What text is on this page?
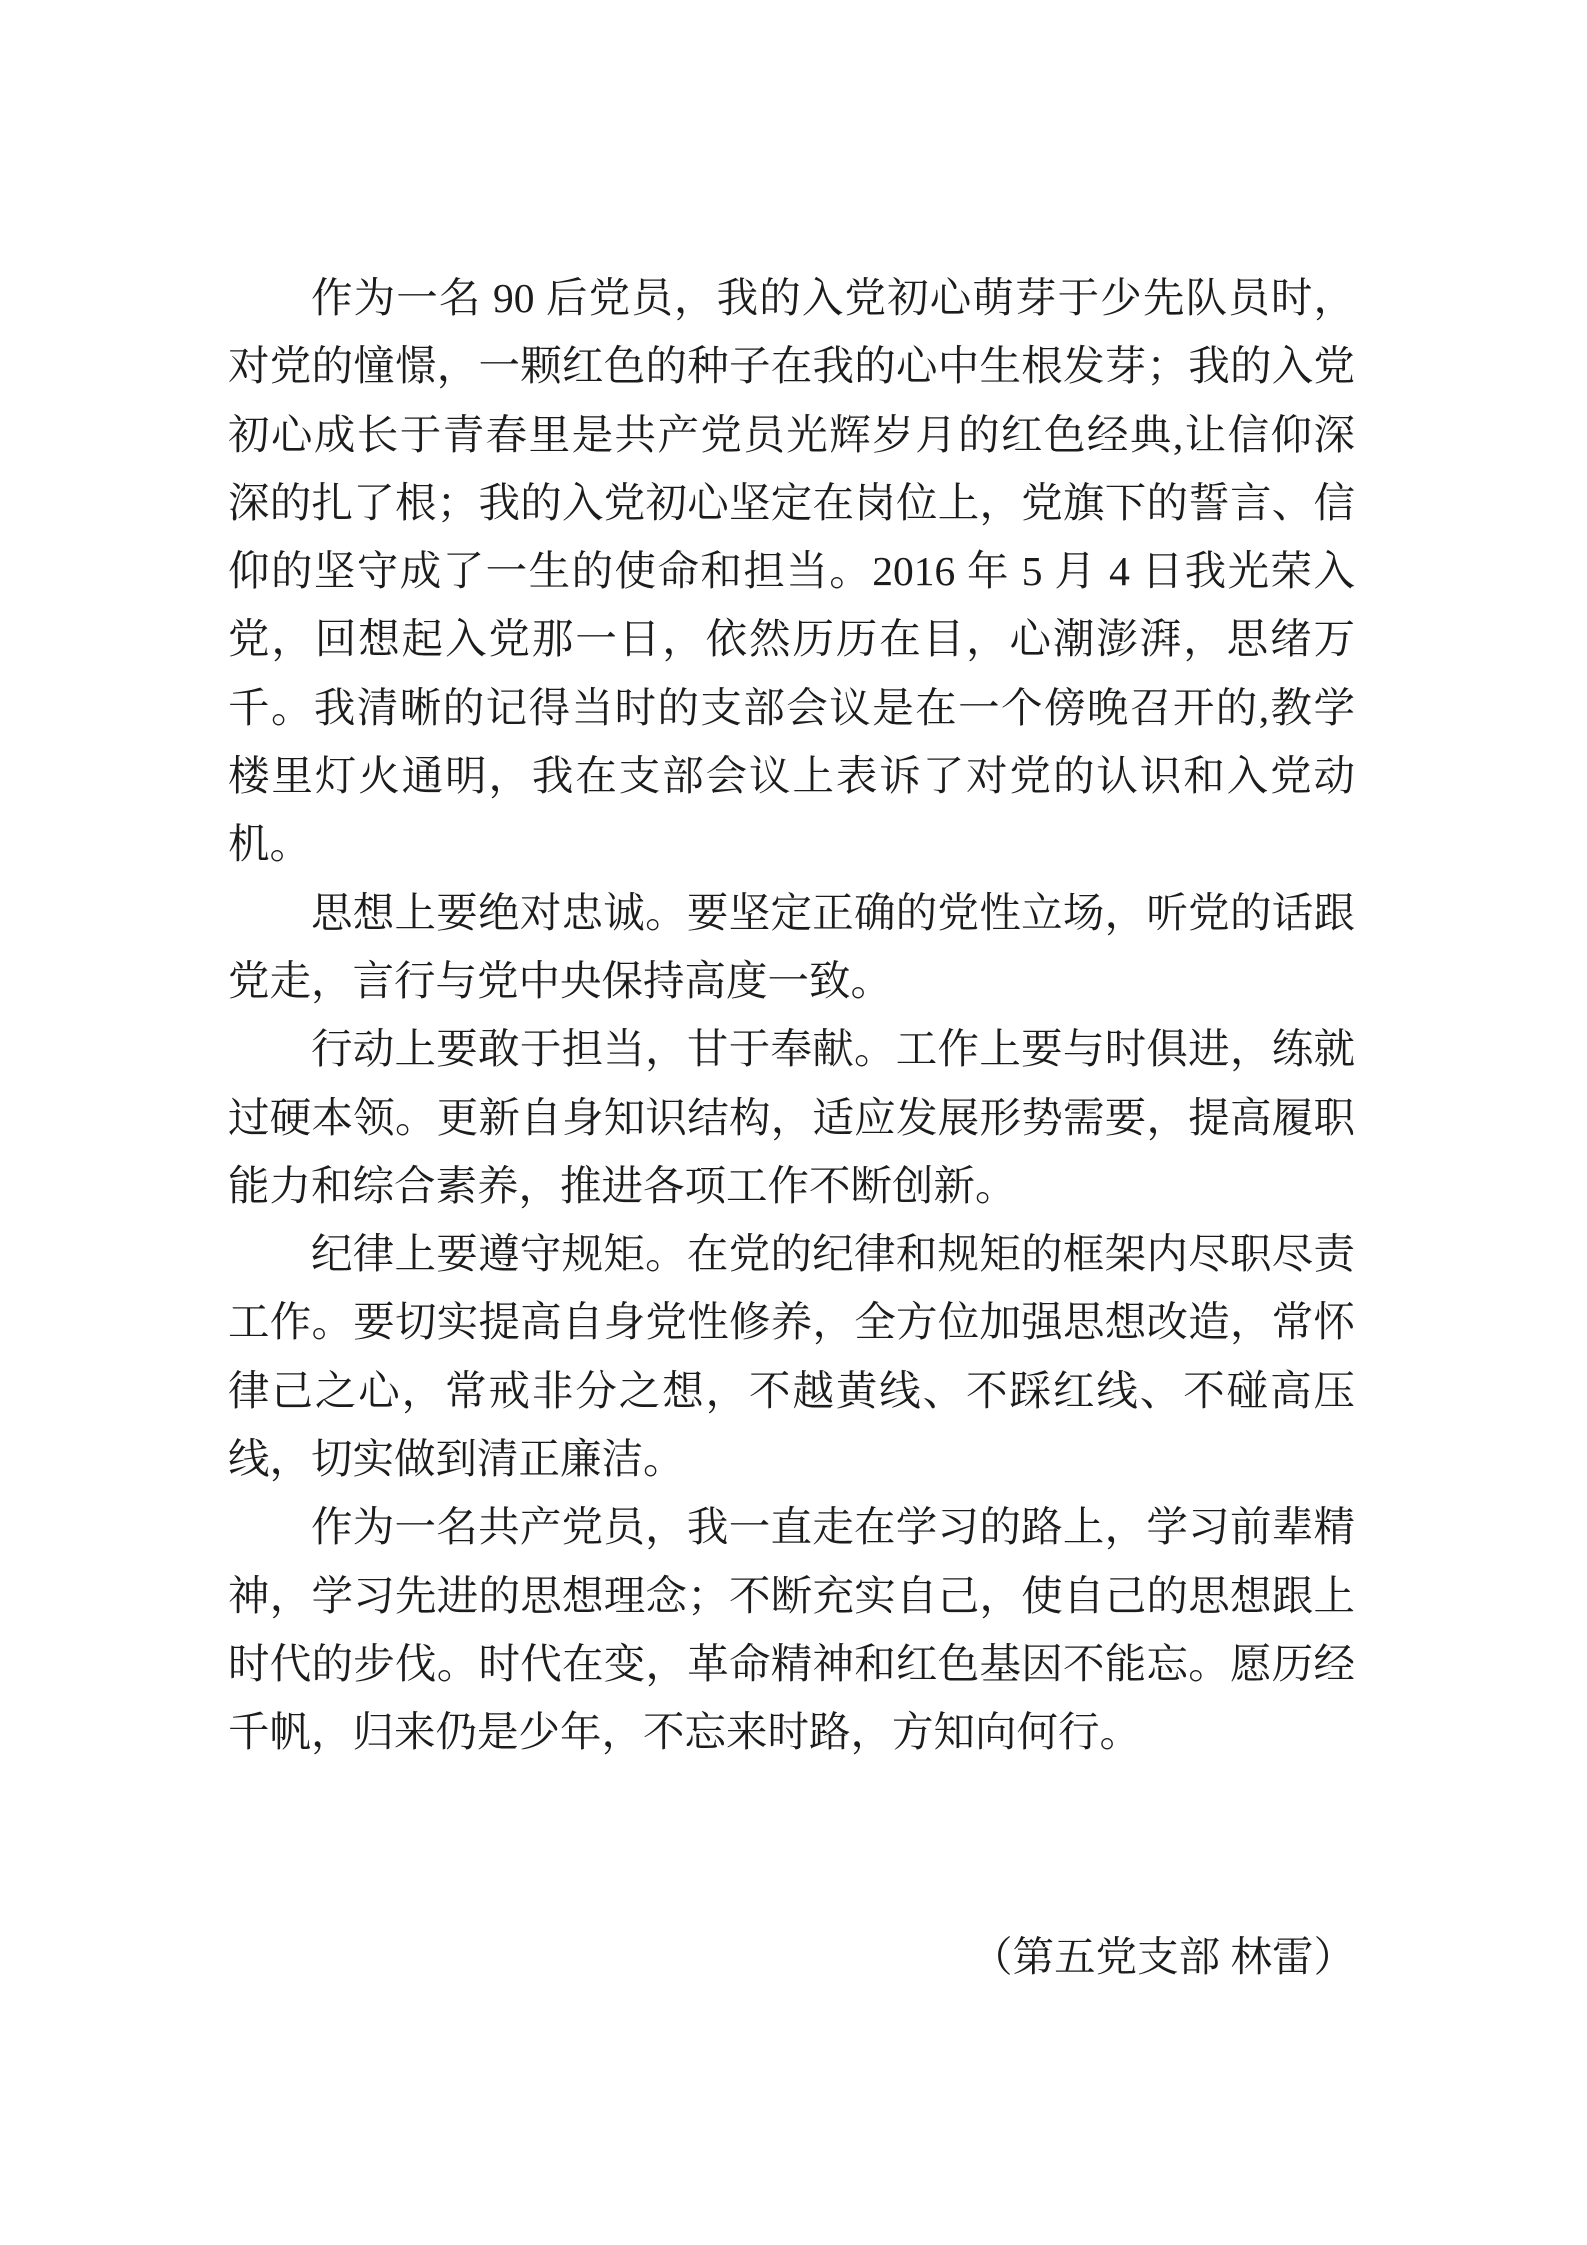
作为一名 90 后党员，我的入党初心萌芽于少先队员时，对党的憧憬，一颗红色的种子在我的心中生根发芽；我的入党初心成长于青春里是共产党员光辉岁月的红色经典,让信仰深深的扎了根；我的入党初心坚定在岗位上，党旗下的誓言、信仰的坚守成了一生的使命和担当。2016 年 5 月 4 日我光荣入党，回想起入党那一日，依然历历在目，心潮澎湃，思绪万千。我清晰的记得当时的支部会议是在一个傍晚召开的,教学楼里灯火通明，我在支部会议上表诉了对党的认识和入党动机。

思想上要绝对忠诚。要坚定正确的党性立场，听党的话跟党走，言行与党中央保持高度一致。

行动上要敢于担当，甘于奉献。工作上要与时俱进，练就过硬本领。更新自身知识结构，适应发展形势需要，提高履职能力和综合素养，推进各项工作不断创新。

纪律上要遵守规矩。在党的纪律和规矩的框架内尽职尽责工作。要切实提高自身党性修养，全方位加强思想改造，常怀律己之心，常戒非分之想，不越黄线、不踩红线、不碰高压线，切实做到清正廉洁。

作为一名共产党员，我一直走在学习的路上，学习前辈精神，学习先进的思想理念；不断充实自己，使自己的思想跟上时代的步伐。时代在变，革命精神和红色基因不能忘。愿历经千帆，归来仍是少年，不忘来时路，方知向何行。

（第五党支部 林雷）
